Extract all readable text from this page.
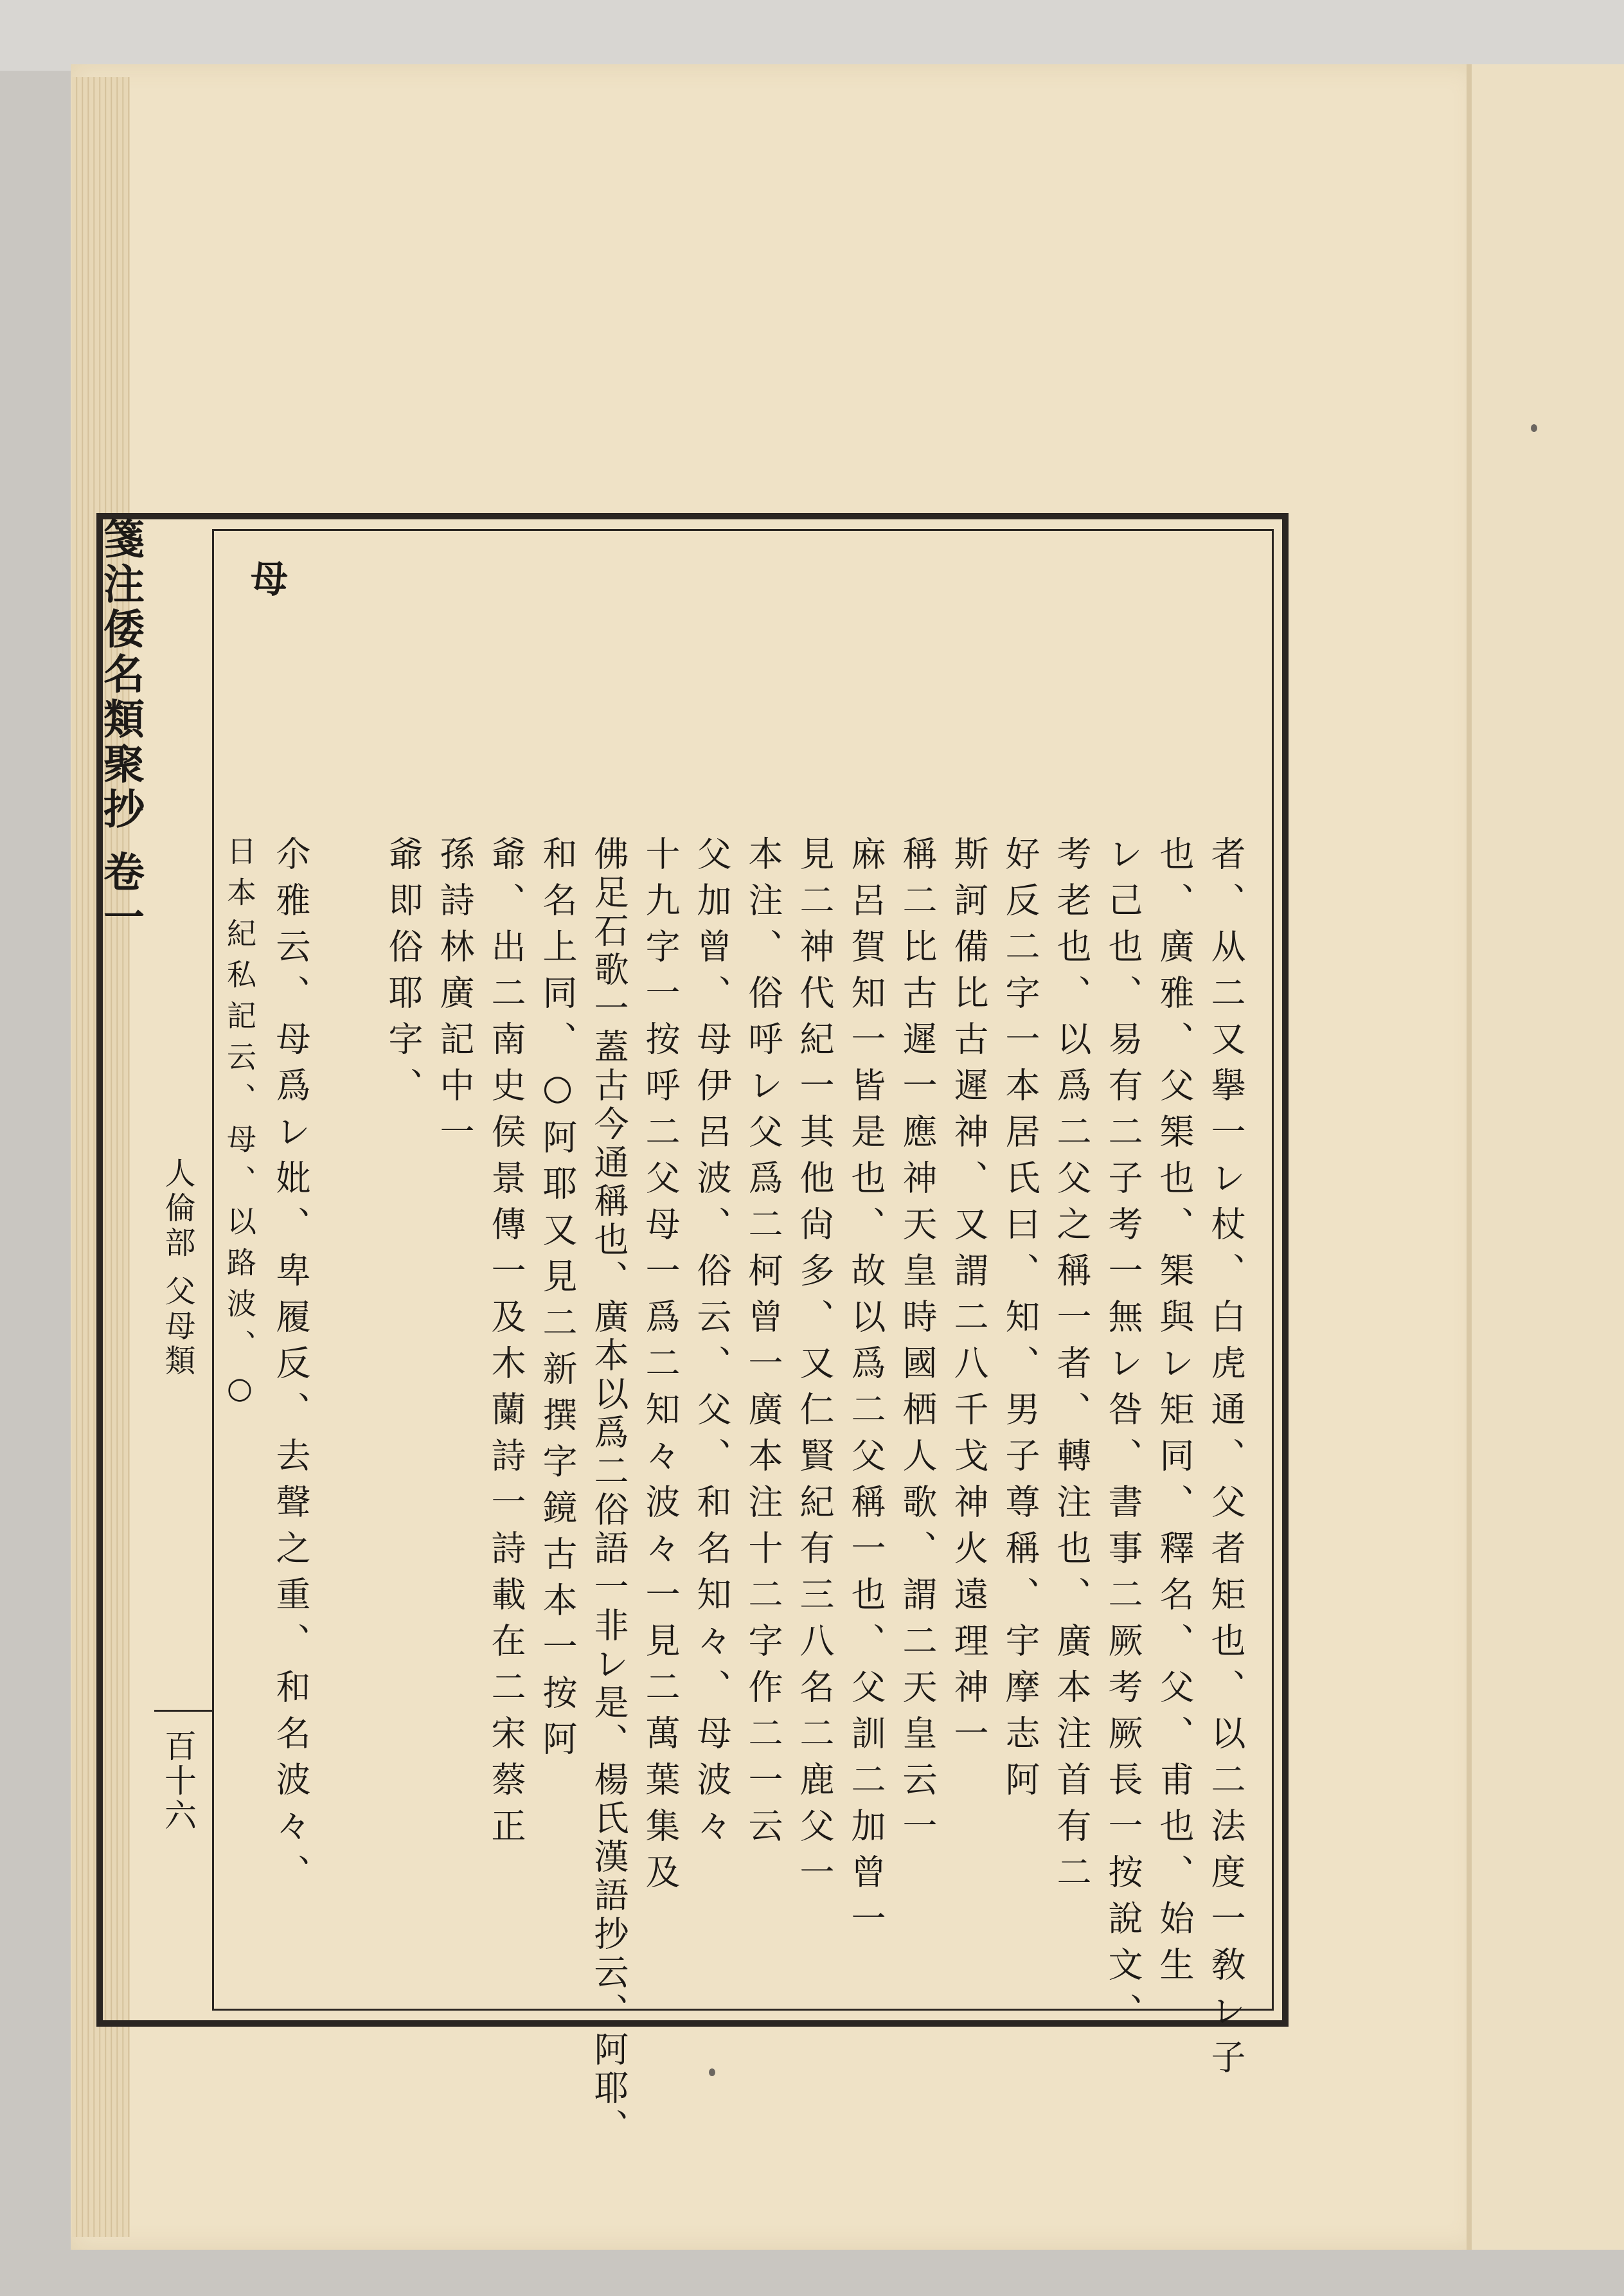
箋注倭名類聚抄 卷一
人倫部 父母類
百十六
母
者、从二又擧一レ杖、白虎通、父者矩也、以二法度一敎レ子
也、廣雅、父榘也、榘與レ矩同、釋名、父、甫也、始生
レ己也、易有二子考一無レ咎、書事二厥考厥長一按說文、
考老也、以爲二父之稱一者、轉注也、廣本注首有二
好反二字一本居氏曰、知、男子尊稱、宇摩志阿
斯訶備比古遲神、又謂二八千戈神火遠理神一
稱二比古遲一應神天皇時國栖人歌、謂二天皇云一
麻呂賀知一皆是也、故以爲二父稱一也、父訓二加曾一
見二神代紀一其他尙多、又仁賢紀有三八名二鹿父一
本注、俗呼レ父爲二柯曾一廣本注十二字作二一云
父加曾、母伊呂波、俗云、父、和名知々、母波々
十九字一按呼二父母一爲二知々波々一見二萬葉集及
佛足石歌一蓋古今通稱也、廣本以爲二俗語一非レ是、楊氏漢語抄云、阿耶、
和名上同、○阿耶又見二新撰字鏡古本一按阿
爺、出二南史侯景傳一及木蘭詩一詩載在二宋蔡正
孫詩林廣記中一
爺即俗耶字、
尒雅云、母爲レ妣、卑履反、去聲之重、和名波々、
日本紀私記云、母、以路波、○
